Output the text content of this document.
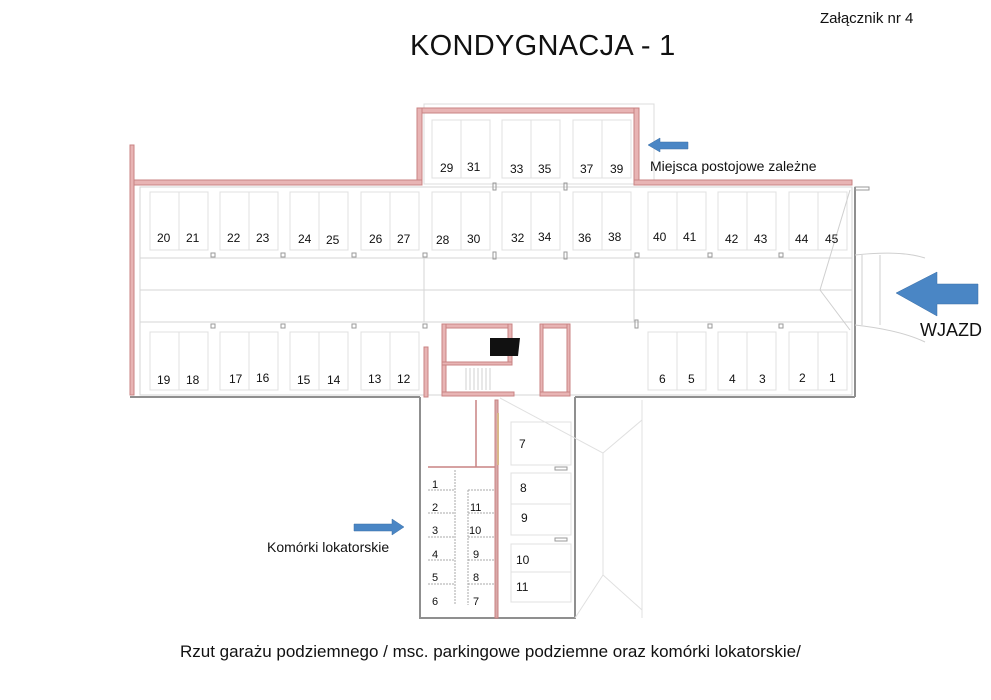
KONDYGNACJA - 1
Załącznik nr 4
29 31 33 35 37 39
20 21 22 23 24 25 26 27 28 30	32 34 36 38	40 41 42 43 44 45
19 18 17 16 15 14 13 12	6 5	4 3	2 1
7
8
9
10
11
1
2
3
4
5
6
11
10
9
8
7
Miejsca postojowe zależne
WJAZD
Komórki lokatorskie
Rzut garażu podziemnego / msc. parkingowe podziemne oraz komórki lokatorskie/
